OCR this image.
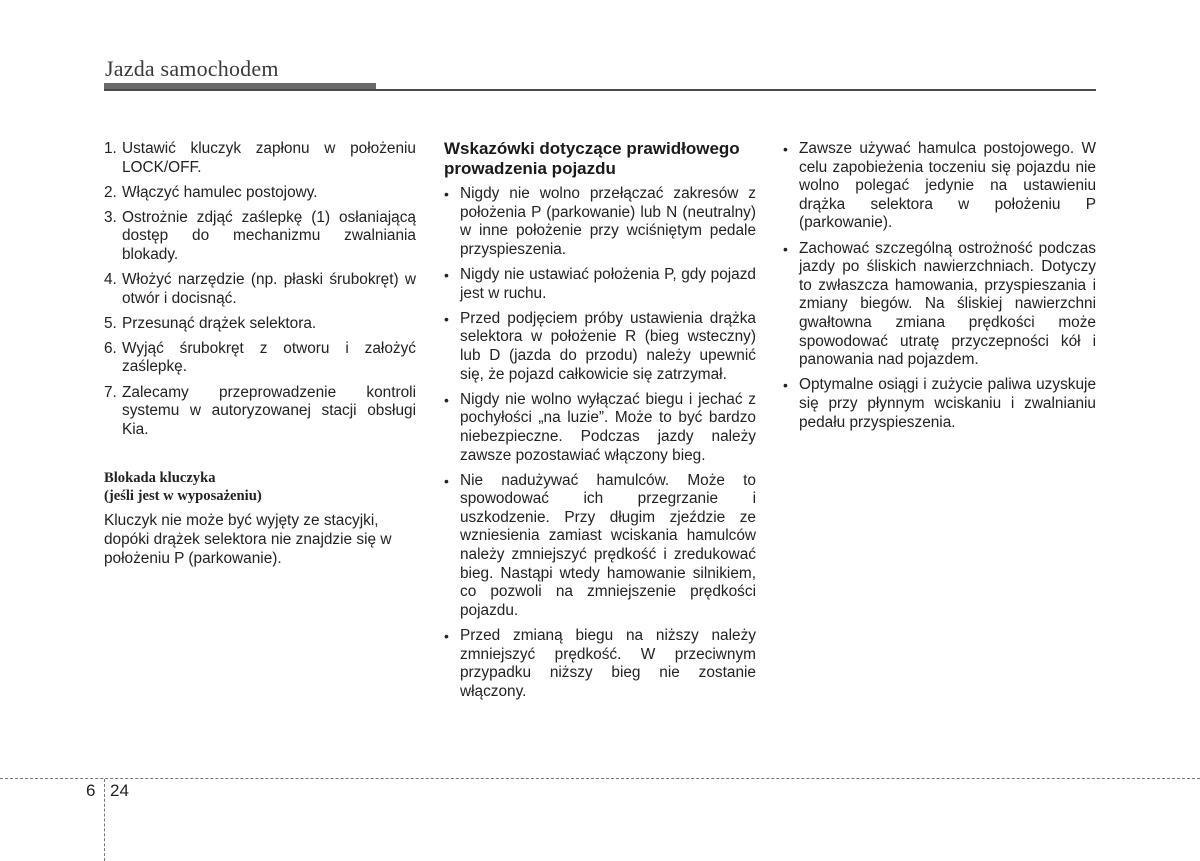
Jazda samochodem
1. Ustawić kluczyk zapłonu w położeniu LOCK/OFF.
2. Włączyć hamulec postojowy.
3. Ostrożnie zdjąć zaślepkę (1) osłaniającą dostęp do mechanizmu zwalniania blokady.
4. Włożyć narzędzie (np. płaski śrubokręt) w otwór i docisnąć.
5. Przesunąć drążek selektora.
6. Wyjąć śrubokręt z otworu i założyć zaślepkę.
7. Zalecamy przeprowadzenie kontroli systemu w autoryzowanej stacji obsługi Kia.
Blokada kluczyka
(jeśli jest w wyposażeniu)
Kluczyk nie może być wyjęty ze stacyjki, dopóki drążek selektora nie znajdzie się w położeniu P (parkowanie).
Wskazówki dotyczące prawidłowego prowadzenia pojazdu
• Nigdy nie wolno przełączać zakresów z położenia P (parkowanie) lub N (neutralny) w inne położenie przy wciśniętym pedale przyspieszenia.
• Nigdy nie ustawiać położenia P, gdy pojazd jest w ruchu.
• Przed podjęciem próby ustawienia drążka selektora w położenie R (bieg wsteczny) lub D (jazda do przodu) należy upewnić się, że pojazd całkowicie się zatrzymał.
• Nigdy nie wolno wyłączać biegu i jechać z pochyłości „na luzie”. Może to być bardzo niebezpieczne. Podczas jazdy należy zawsze pozostawiać włączony bieg.
• Nie nadużywać hamulców. Może to spowodować ich przegrzanie i uszkodzenie. Przy długim zjeździe ze wzniesienia zamiast wciskania hamulców należy zmniejszyć prędkość i zredukować bieg. Nastąpi wtedy hamowanie silnikiem, co pozwoli na zmniejszenie prędkości pojazdu.
• Przed zmianą biegu na niższy należy zmniejszyć prędkość. W przeciwnym przypadku niższy bieg nie zostanie włączony.
• Zawsze używać hamulca postojowego. W celu zapobieżenia toczeniu się pojazdu nie wolno polegać jedynie na ustawieniu drążka selektora w położeniu P (parkowanie).
• Zachować szczególną ostrożność podczas jazdy po śliskich nawierzchniach. Dotyczy to zwłaszcza hamowania, przyspieszania i zmiany biegów. Na śliskiej nawierzchni gwałtowna zmiana prędkości może spowodować utratę przyczepności kół i panowania nad pojazdem.
• Optymalne osiągi i zużycie paliwa uzyskuje się przy płynnym wciskaniu i zwalnianiu pedału przyspieszenia.
6 24
